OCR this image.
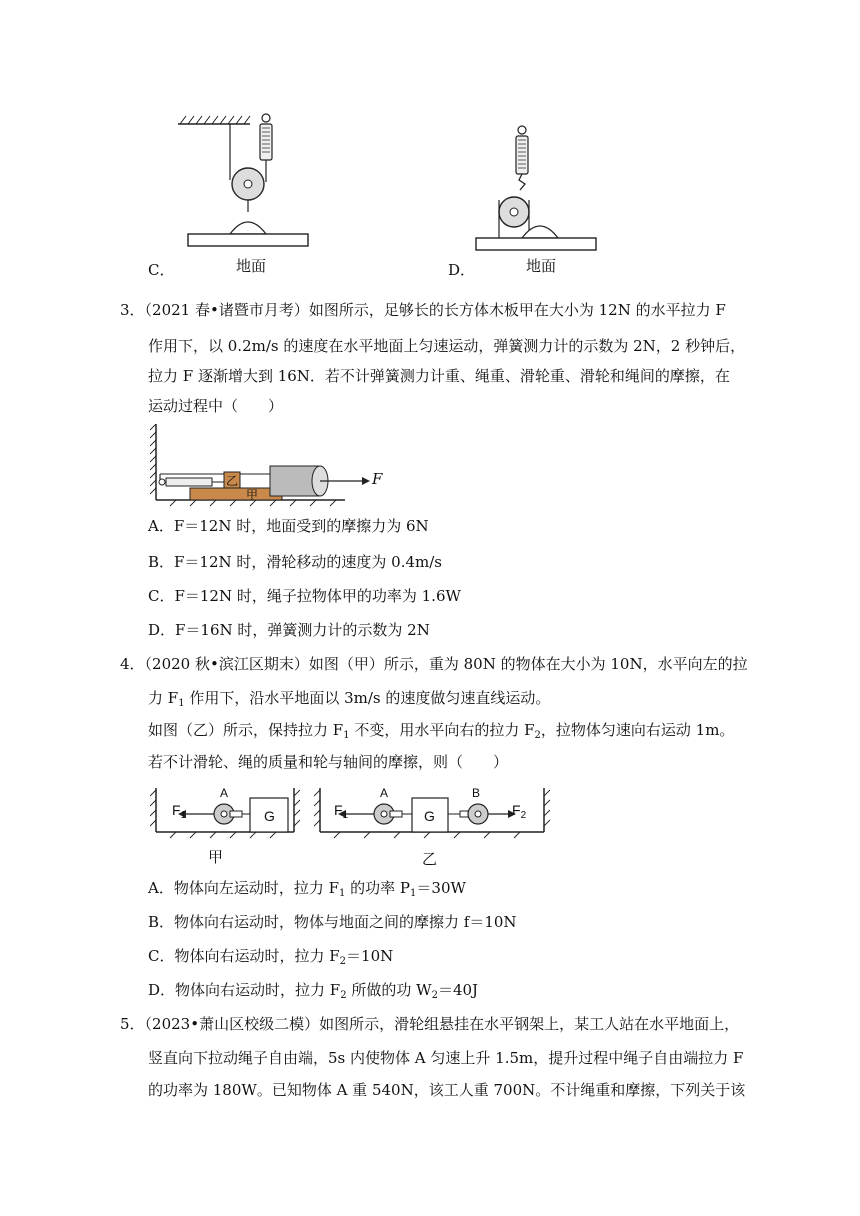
C．	地面	D．	地面
3．（2021 春•诸暨市月考）如图所示，足够长的长方体木板甲在大小为 12N 的水平拉力 F
作用下，以 0.2m/s 的速度在水平地面上匀速运动，弹簧测力计的示数为 2N，2 秒钟后，
拉力 F 逐渐增大到 16N．若不计弹簧测力计重、绳重、滑轮重、滑轮和绳间的摩擦，在
运动过程中（　　）
乙
甲
F
A．F＝12N 时，地面受到的摩擦力为 6N
B．F＝12N 时，滑轮移动的速度为 0.4m/s
C．F＝12N 时，绳子拉物体甲的功率为 1.6W
D．F＝16N 时，弹簧测力计的示数为 2N
4．（2020 秋•滨江区期末）如图（甲）所示，重为 80N 的物体在大小为 10N，水平向左的拉
力 $F_1$ 作用下，沿水平地面以 3m/s 的速度做匀速直线运动。
如图（乙）所示，保持拉力 $F_1$ 不变，用水平向右的拉力 $F_2$，拉物体匀速向右运动 1m。
若不计滑轮、绳的质量和轮与轴间的摩擦，则（　　）
A
$F_1$	G
甲
A	B
$F_1$	G	$F_2$
乙
A．物体向左运动时，拉力 $F_1$ 的功率 $P_1=30W$
B．物体向右运动时，物体与地面之间的摩擦力 f＝10N
C．物体向右运动时，拉力 $F_2=10N$
D．物体向右运动时，拉力 $F_2$ 所做的功 $W_2=40J$
5．（2023•萧山区校级二模）如图所示，滑轮组悬挂在水平钢架上，某工人站在水平地面上，
竖直向下拉动绳子自由端，5s 内使物体 A 匀速上升 1.5m，提升过程中绳子自由端拉力 F
的功率为 180W。已知物体 A 重 540N，该工人重 700N。不计绳重和摩擦，下列关于该
